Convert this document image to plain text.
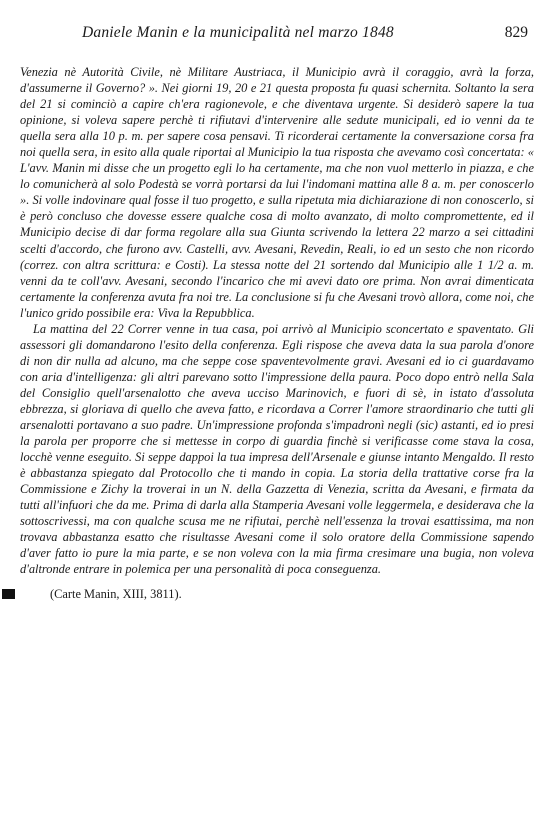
Daniele Manin e la municipalità nel marzo 1848	829

Venezia nè Autorità Civile, nè Militare Austriaca, il Municipio avrà il coraggio, avrà la forza, d'assumerne il Governo? ». Nei giorni 19, 20 e 21 questa proposta fu quasi schernita. Soltanto la sera del 21 si cominciò a capire ch'era ragionevole, e che diventava urgente. Si desiderò sapere la tua opinione, si voleva sapere perchè ti rifiutavi d'intervenire alle sedute municipali, ed io venni da te quella sera alla 10 p. m. per sapere cosa pensavi. Ti ricorderai certamente la conversazione corsa fra noi quella sera, in esito alla quale riportai al Municipio la tua risposta che avevamo così concertata: « L'avv. Manin mi disse che un progetto egli lo ha certamente, ma che non vuol metterlo in piazza, e che lo comunicherà al solo Podestà se vorrà portarsi da lui l'indomani mattina alle 8 a. m. per conoscerlo ». Si volle indovinare qual fosse il tuo progetto, e sulla ripetuta mia dichiarazione di non conoscerlo, si è però concluso che dovesse essere qualche cosa di molto avanzato, di molto compromettente, ed il Municipio decise di dar forma regolare alla sua Giunta scrivendo la lettera 22 marzo a sei cittadini scelti d'accordo, che furono avv. Castelli, avv. Avesani, Revedin, Reali, io ed un sesto che non ricordo (correz. con altra scrittura: e Costi). La stessa notte del 21 sortendo dal Municipio alle 1 1/2 a. m. venni da te coll'avv. Avesani, secondo l'incarico che mi avevi dato ore prima. Non avrai dimenticata certamente la conferenza avuta fra noi tre. La conclusione si fu che Avesani trovò allora, come noi, che l'unico grido possibile era: Viva la Repubblica.

La mattina del 22 Correr venne in tua casa, poi arrivò al Municipio sconcertato e spaventato. Gli assessori gli domandarono l'esito della conferenza. Egli rispose che aveva data la sua parola d'onore di non dir nulla ad alcuno, ma che seppe cose spaventevolmente gravi. Avesani ed io ci guardavamo con aria d'intelligenza: gli altri parevano sotto l'impressione della paura. Poco dopo entrò nella Sala del Consiglio quell'arsenalotto che aveva ucciso Marinovich, e fuori di sè, in istato d'assoluta ebbrezza, si gloriava di quello che aveva fatto, e ricordava a Correr l'amore straordinario che tutti gli arsenalotti portavano a suo padre. Un'impressione profonda s'impadronì negli (sic) astanti, ed io presi la parola per proporre che si mettesse in corpo di guardia finchè si verificasse come stava la cosa, locchè venne eseguito. Si seppe dappoi la tua impresa dell'Arsenale e giunse intanto Mengaldo. Il resto è abbastanza spiegato dal Protocollo che ti mando in copia. La storia della trattative corse fra la Commissione e Zichy la troverai in un N. della Gazzetta di Venezia, scritta da Avesani, e firmata da tutti all'infuori che da me. Prima di darla alla Stamperia Avesani volle leggermela, e desiderava che la sottoscrivessi, ma con qualche scusa me ne rifiutai, perchè nell'essenza la trovai esattissima, ma non trovava abbastanza esatto che risultasse Avesani come il solo oratore della Commissione sapendo d'aver fatto io pure la mia parte, e se non voleva con la mia firma cresimare una bugia, non voleva d'altronde entrare in polemica per una personalità di poca conseguenza.

(Carte Manin, XIII, 3811).
